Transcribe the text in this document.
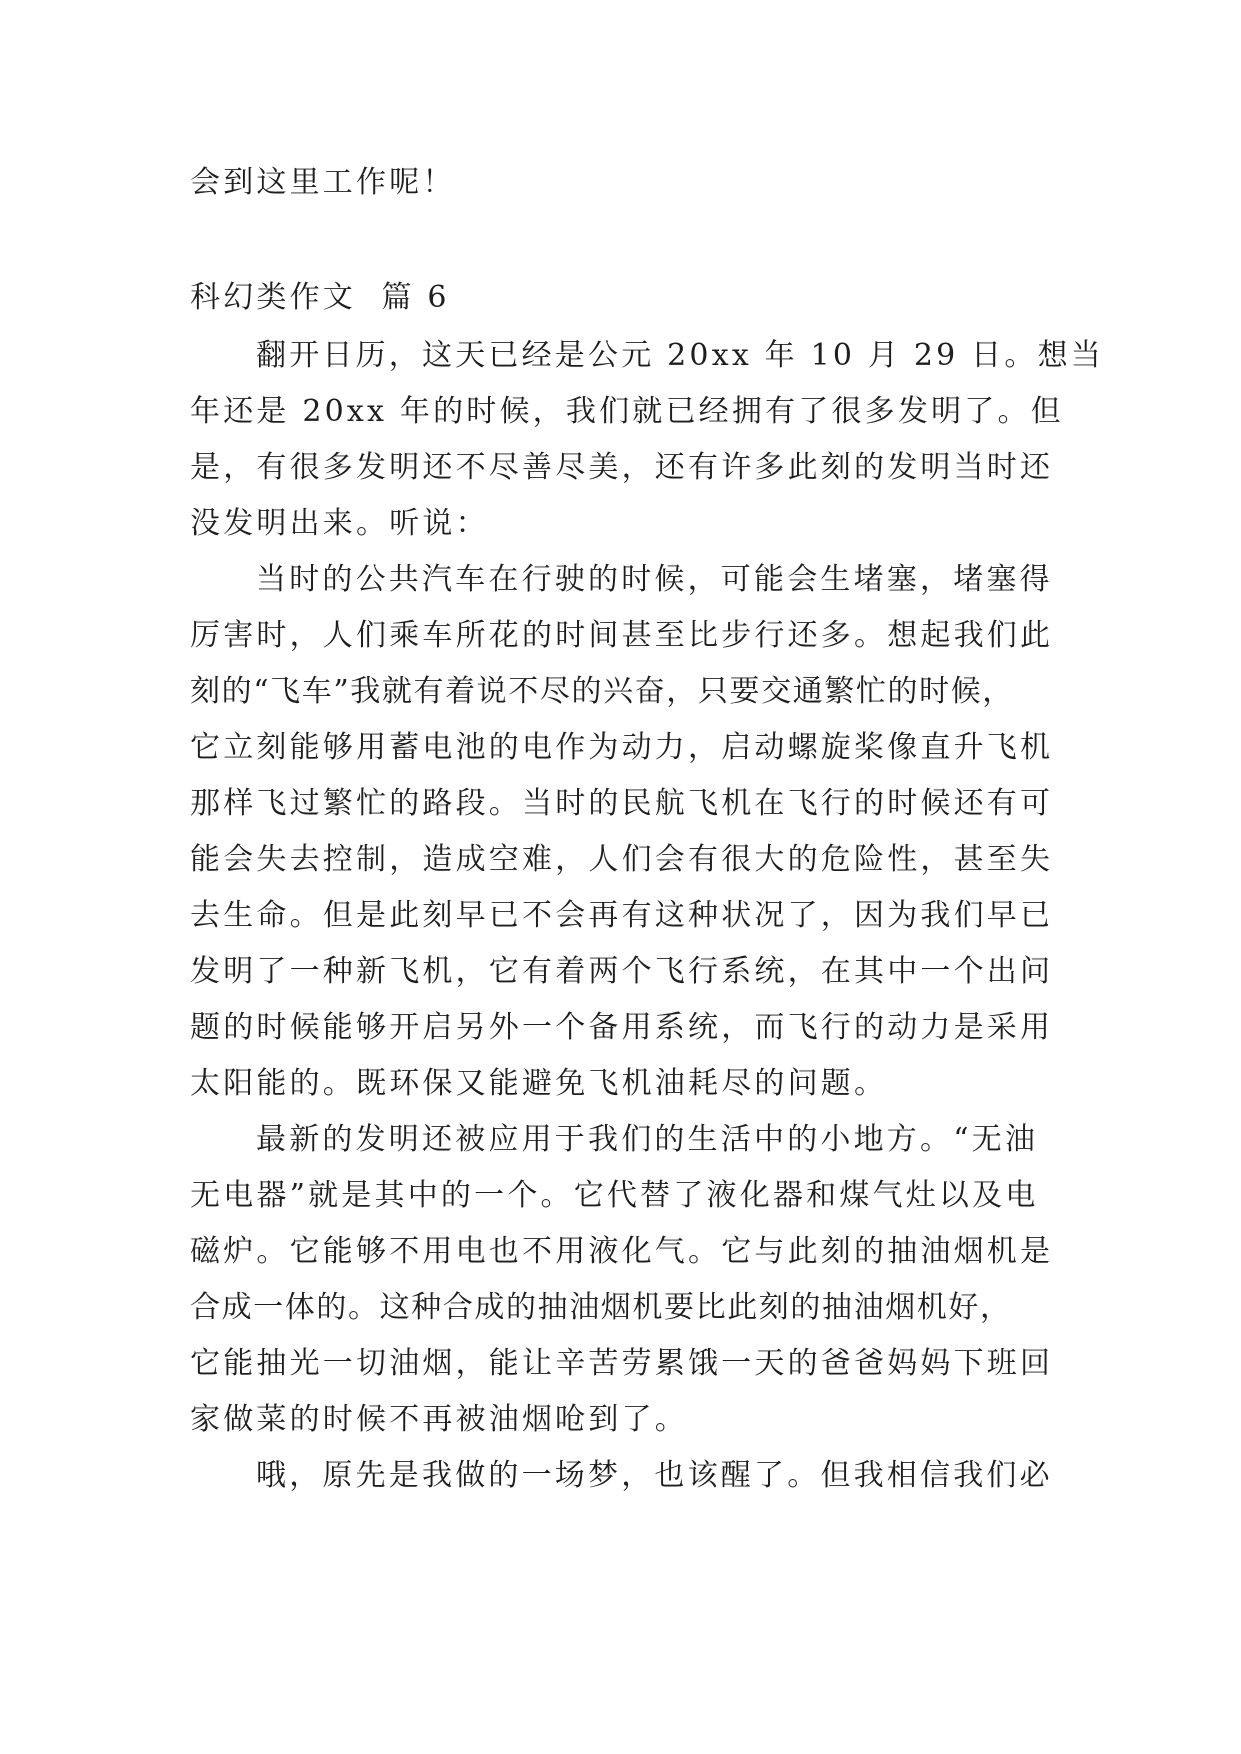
会到这里工作呢！
科幻类作文  篇 6
翻开日历，这天已经是公元 20xx 年 10 月 29 日。想当
年还是 20xx 年的时候，我们就已经拥有了很多发明了。但
是，有很多发明还不尽善尽美，还有许多此刻的发明当时还
没发明出来。听说：
当时的公共汽车在行驶的时候，可能会生堵塞，堵塞得
厉害时，人们乘车所花的时间甚至比步行还多。想起我们此
刻的“飞车”我就有着说不尽的兴奋，只要交通繁忙的时候，
它立刻能够用蓄电池的电作为动力，启动螺旋桨像直升飞机
那样飞过繁忙的路段。当时的民航飞机在飞行的时候还有可
能会失去控制，造成空难，人们会有很大的危险性，甚至失
去生命。但是此刻早已不会再有这种状况了，因为我们早已
发明了一种新飞机，它有着两个飞行系统，在其中一个出问
题的时候能够开启另外一个备用系统，而飞行的动力是采用
太阳能的。既环保又能避免飞机油耗尽的问题。
最新的发明还被应用于我们的生活中的小地方。“无油
无电器”就是其中的一个。它代替了液化器和煤气灶以及电
磁炉。它能够不用电也不用液化气。它与此刻的抽油烟机是
合成一体的。这种合成的抽油烟机要比此刻的抽油烟机好，
它能抽光一切油烟，能让辛苦劳累饿一天的爸爸妈妈下班回
家做菜的时候不再被油烟呛到了。
哦，原先是我做的一场梦，也该醒了。但我相信我们必
